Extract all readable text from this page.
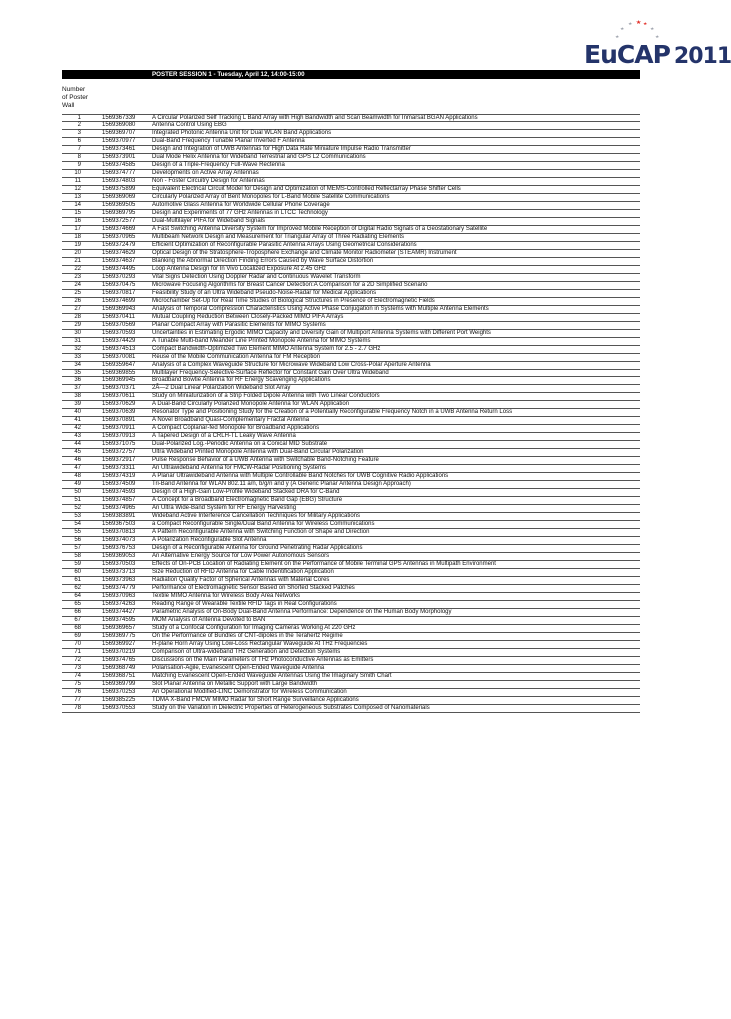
EuCAP 2011
POSTER SESSION 1 - Tuesday, April 12, 14:00-15:00
Number
of Poster
Wall
1	1569367339	A Circular Polarized Self Tracking L Band Array with High Bandwidth and Scan Beamwidth for Inmarsat BGAN Applications
2	1569369080	Antenna Control Using EBG
3	1569369707	Integrated Photonic Antenna Unit for Dual WLAN Band Applications
6	1569370977	Dual-Band Frequency Tunable Planar Inverted F Antenna
7	1569373461	Design and Integration of UWB Antennas for High Data Rate Miniature Impulse Radio Transmitter
8	1569373901	Dual Mode Helix Antenna for Wideband Terrestrial and GPS L2 Communications
9	1569374585	Design of a Triple-Frequency Full-Wave Rectenna
10	1569374777	Developments on Active Array Antennas
11	1569374803	Non - Foster Circuitry Design for Antennas
12	1569375899	Equivalent Electrical Circuit Model for Design and Optimization of MEMS-Controlled Reflectarray Phase Shifter Cells
13	1569369069	Circularly Polarized Array of Bent Monopoles for L-Band Mobile Satellite Communications
14	1569369505	Automotive Glass Antenna for Worldwide Cellular Phone Coverage
15	1569369795	Design and Experiments of 77 GHz Antennas in LTCC Technology
16	1569372577	Dual-Multilayer PIFA for Wideband Signals
17	1569374669	A Fast Switching Antenna Diversity System for Improved Mobile Reception of Digital Radio Signals of a Geostationary Satellite
18	1569370965	Multibeam Network Design and Measurement for Triangular Array of Three Radiating Elements
19	1569372479	Efficient Optimization of Reconfigurable Parasitic Antenna Arrays Using Geometrical Considerations
20	1569374629	Optical Design of the Stratosphere-Troposphere Exchange and Climate Monitor Radiometer (STEAMR) Instrument
21	1569374637	Blanking the Abnormal Direction Finding Errors Caused by Wave Surface Distortion
22	1569374495	Loop Antenna Design for In Vivo Localized Exposure At 2.45 GHz
23	1569370293	Vital Signs Detection Using Doppler Radar and Continuous Wavelet Transform
24	1569370475	Microwave Focusing Algorithms for Breast Cancer Detection:A Comparison for a 2D Simplified Scenario
25	1569370817	Feasibility Study of an Ultra Wideband Pseudo-Noise-Radar for Medical Applications
26	1569374699	Microchamber Set-Up for Real Time Studies of Biological Structures in Presence of Electromagnetic Fields
27	1569369943	Analysis of Temporal Compression Characteristics Using Active Phase Conjugation in Systems with Multiple Antenna Elements
28	1569370411	Mutual Coupling Reduction Between Closely-Packed MIMO PIFA Arrays
29	1569370569	Planar Compact Array with Parasitic Elements for MIMO Systems
30	1569370593	Uncertainties in Estimating Ergodic MIMO Capacity and Diversity Gain of Multiport Antenna Systems with Different Port Weights
31	1569374429	A Tunable Multi-band Meander Line Printed Monopole Antenna for MIMO Systems
32	1569374513	Compact Bandwidth-Optimized Two Element MIMO Antenna System for 2.5 - 2.7 GHz
33	1569370081	Reuse of the Mobile Communication Antenna for FM Reception
34	1569359647	Analysis of a Complex Waveguide Structure for Microwave Wideband Low Cross-Polar Aperture Antenna
35	1569369855	Multilayer Frequency-Selective-Surface Reflector for Constant Gain Over Ultra Wideband
36	1569369945	Broadband Bowtie Antenna for RF Energy Scavenging Applications
37	1569370371	2Ã—2 Dual Linear Polarization Wideband Slot Array
38	1569370611	Study on Miniaturization of a Strip Folded Dipole Antenna with Two Linear Conductors
39	1569370629	A Dual-Band Circularly Polarized Monopole Antenna for WLAN Application
40	1569370639	Resonator Type and Positioning Study for the Creation of a Potentially Reconfigurable Frequency Notch in a UWB Antenna Return Loss
41	1569370891	A Novel Broadband Quasi-Complementary Fractal Antenna
42	1569370911	A Compact Coplanar-fed Monopole for Broadband Applications
43	1569370913	A Tapered Design of a CRLH-TL Leaky Wave Antenna
44	1569371075	Dual-Polarized Log.-Periodic Antenna on a Conical MID Substrate
45	1569372757	Ultra Wideband Printed Monopole Antenna with Dual-Band Circular Polarization
46	1569372917	Pulse Response Behavior of a UWB Antenna with Switchable Band-Notching Feature
47	1569373311	An Ultrawideband Antenna for FMCW-Radar Positioning Systems
48	1569374319	A Planar Ultrawideband Antenna with Multiple Controllable Band Notches for UWB Cognitive Radio Applications
49	1569374509	Tri-Band Antenna for WLAN 802.11 a/n, b/g/n and y (A Generic Planar Antenna Design Approach)
50	1569374593	Design of a High-Gain Low-Profile Wideband Stacked DRA for C-Band
51	1569374857	A Concept for a Broadband Electromagnetic Band Gap (EBG) Structure
52	1569374965	An Ultra Wide-Band System for RF Energy Harvesting
53	1569383891	Wideband Active Interference Cancellation Techniques for Military Applications
54	1569367503	a Compact Reconfigurable Single/Dual Band Antenna for Wireless Communications
55	1569370813	A Pattern Reconfigurable Antenna with Switching Function of Shape and Direction
56	1569374073	A Polarization Reconfigurable Slot Antenna
57	1569376753	Design of a Reconfigurable Antenna for Ground Penetrating Radar Applications
58	1569369053	An Alternative Energy Source for Low Power Autonomous Sensors
59	1569370503	Effects of On-PCB Location of Radiating Element on the Performance of Mobile Terminal GPS Antennas in Multipath Environment
60	1569373713	Size Reduction of RFID Antenna for Cable Indentification Application
61	1569373963	Radiation Quality Factor of Spherical Antennas with Material Cores
62	1569374779	Performance of Electromagnetic Sensor Based on Shorted Stacked Patches
64	1569370963	Textile MIMO Antenna for Wireless Body Area Networks
65	1569374263	Reading Range of Wearable Textile RFID Tags in Real Configurations
66	1569374427	Parametric Analysis of On-Body Dual-Band Antenna Performance: Dependence on the Human Body Morphology
67	1569374595	MOM Analysis of Antenna Devoted to BAN
68	1569369657	Study of a Confocal Configuration for Imaging Cameras Working At 220 GHz
69	1569369775	On the Performance of Bundles of CNT-dipoles in the Terahertz Regime
70	1569369927	H-plane Horn Array Using Low-Loss Rectangular Waveguide At THz Frequencies
71	1569370219	Comparison of Ultra-wideband THz Generation and Detection Systems
72	1569374765	Discussions on the Main Parameters of THz Photoconductive Antennas as Emitters
73	1569368749	Polarisation-Agile, Evanescent Open-Ended Waveguide Antenna
74	1569368751	Matching Evanescent Open-Ended Waveguide Antennas Using the Imaginary Smith Chart
75	1569369799	Slot Planar Antenna on Metallic Support with Large Bandwidth
76	1569370253	An Operational Modified-LINC Demonstrator for Wireless Communication
77	1569385225	TDMA X-Band FMCW MIMO Radar for Short Range Surveillance Applications
78	1569370553	Study on the Variation in Dielectric Properties of Heterogeneous Substrates Composed of Nanomaterials
